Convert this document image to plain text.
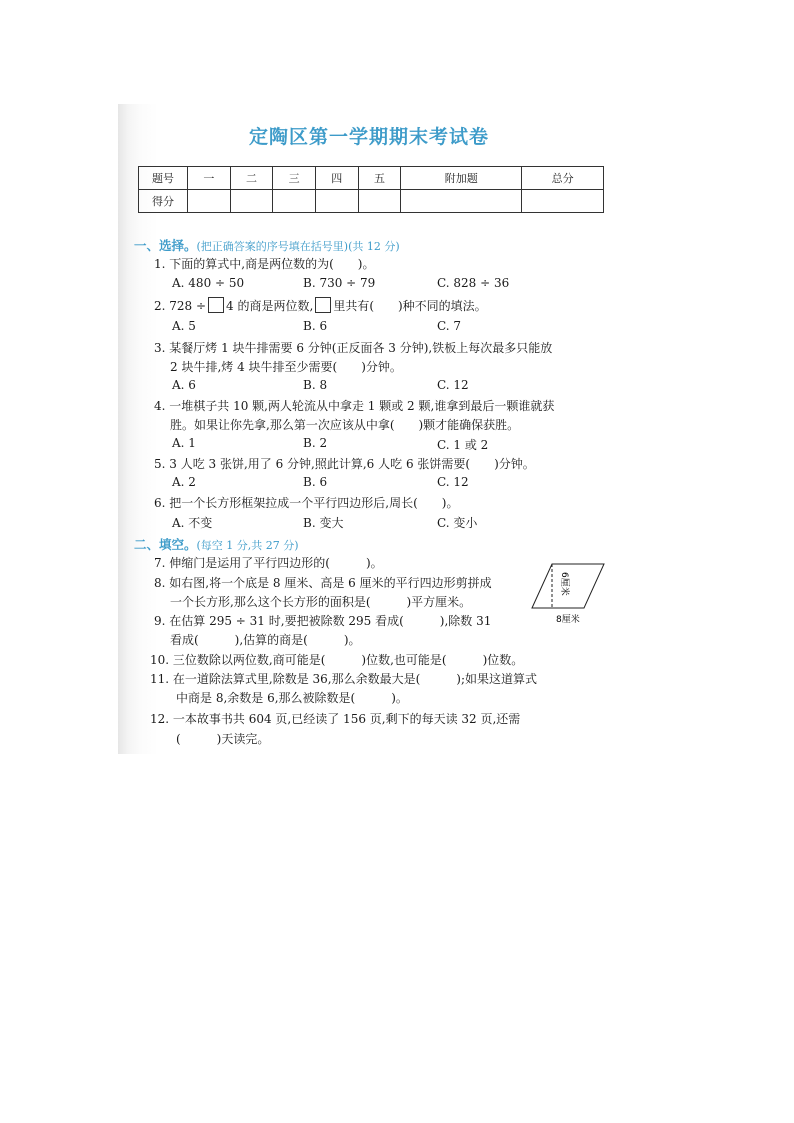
定陶区第一学期期末考试卷
题号	一	二	三	四	五	附加题	总分
得分							
一、选择。(把正确答案的序号填在括号里)(共 12 分)
1. 下面的算式中,商是两位数的为(　　)。
A. 480 ÷ 50	B. 730 ÷ 79	C. 828 ÷ 36
2. 728 ÷ 4 的商是两位数, 里共有(　　)种不同的填法。
A. 5	B. 6	C. 7
3. 某餐厅烤 1 块牛排需要 6 分钟(正反面各 3 分钟),铁板上每次最多只能放
2 块牛排,烤 4 块牛排至少需要(　　)分钟。
A. 6	B. 8	C. 12
4. 一堆棋子共 10 颗,两人轮流从中拿走 1 颗或 2 颗,谁拿到最后一颗谁就获
胜。如果让你先拿,那么第一次应该从中拿(　　)颗才能确保获胜。
A. 1	B. 2	C. 1 或 2
5. 3 人吃 3 张饼,用了 6 分钟,照此计算,6 人吃 6 张饼需要(　　)分钟。
A. 2	B. 6	C. 12
6. 把一个长方形框架拉成一个平行四边形后,周长(　　)。
A. 不变	B. 变大	C. 变小
二、填空。(每空 1 分,共 27 分)
7. 伸缩门是运用了平行四边形的(　　　)。
8. 如右图,将一个底是 8 厘米、高是 6 厘米的平行四边形剪拼成
一个长方形,那么这个长方形的面积是(　　　)平方厘米。
6厘米
8厘米
9. 在估算 295 ÷ 31 时,要把被除数 295 看成(　　　),除数 31
看成(　　　),估算的商是(　　　)。
10. 三位数除以两位数,商可能是(　　　)位数,也可能是(　　　)位数。
11. 在一道除法算式里,除数是 36,那么余数最大是(　　　);如果这道算式
中商是 8,余数是 6,那么被除数是(　　　)。
12. 一本故事书共 604 页,已经读了 156 页,剩下的每天读 32 页,还需
(　　　)天读完。
